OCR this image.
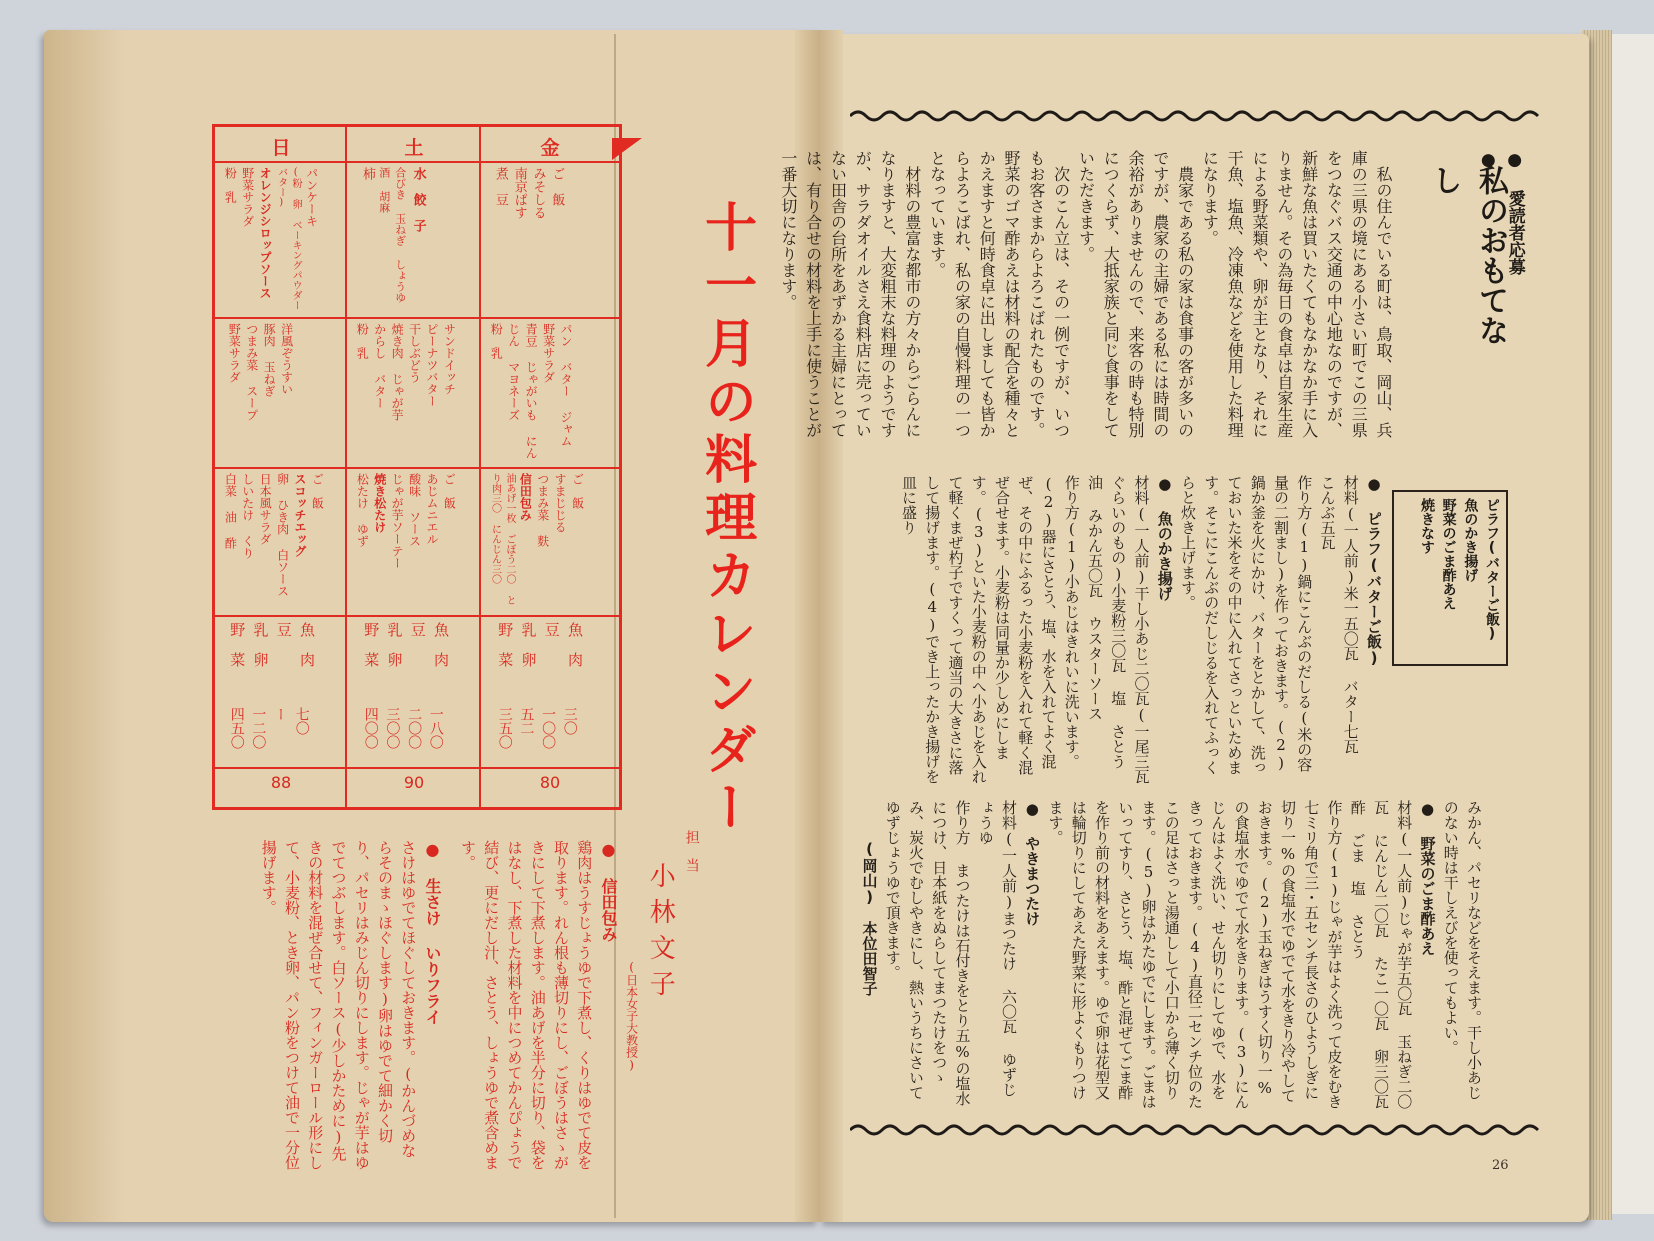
金
土
日
ご　飯
みそしる
南京ぱす
煮　豆
パン バター ジャム
野菜サラダ
青豆 じゃがいも にんじん マヨネーズ
粉　乳
ご　飯
すまじじる
つまみ菜 麩
信田包み
油あげ一枚 ごぼう二〇 とり肉三〇 にんじん三〇
魚　肉
豆
乳　卵
野　菜
三〇
一〇〇
五二
三五〇
80
水　餃　子
合びき 玉ねぎ しょうゆ 酒 胡麻
柿
サンドイッチ
ピーナツバター
干しぶどう
焼き肉 じゃが芋
からし バター
粉　乳
ご　飯
あじムニエル
酸味 ソース
じゃが芋ソーテー
焼き松たけ
松たけ ゆず
魚　肉
豆
乳　卵
野　菜
一八〇
二〇〇
三〇〇
四〇〇
90
パンケーキ
(粉 卵 ベーキングパウダー バター)
オレンジシロップソース
野菜サラダ
粉　乳
洋風ぞうすい
豚肉 玉ねぎ
つまみ菜 スープ
野菜サラダ
ご　飯
スコッチエッグ
卵 ひき肉 白ソース
日本風サラダ
しいたけ くり
白菜 油 酢
魚　肉
豆
乳　卵
野　菜
七〇
ー
一二〇
四五〇
88	十一月の料理カレンダー
担　当
小林文子
(日本女子大教授)
● 信田包み
鶏肉はうすじょうゆで下煮し、くりはゆでて皮を取ります。れん根も薄切りにし、ごぼうはさゝがきにして下煮します。油あげを半分に切り、袋をはなし、下煮した材料を中につめてかんぴょうで結び、更にだし汁、さとう、しょうゆで煮含めます。
● 生さけ いりフライ
さけはゆでてほぐしておきます。(かんづめならそのまゝほぐします)卵はゆでて細かく切り、パセリはみじん切りにします。じゃが芋はゆでてつぶします。白ソース(少しかために)先きの材料を混ぜ合せて、フィンガーロール形にして、小麦粉、とき卵、パン粉をつけて油で一分位揚げます。
● 愛読者応募 ●
私のおもてなし

私の住んでいる町は、鳥取、岡山、兵庫の三県の境にある小さい町でこの三県をつなぐバス交通の中心地なのですが、新鮮な魚は買いたくてもなかなか手に入りません。その為毎日の食卓は自家生産による野菜類や、卵が主となり、それに干魚、塩魚、冷凍魚などを使用した料理になります。

農家である私の家は食事の客が多いのですが、農家の主婦である私には時間の余裕がありませんので、来客の時も特別につくらず、大抵家族と同じ食事をしていただきます。

次のこん立は、その一例ですが、いつもお客さまからよろこばれたものです。野菜のゴマ酢あえは材料の配合を種々とかえますと何時食卓に出しましても皆からよろこばれ、私の家の自慢料理の一つとなっています。

材料の豊富な都市の方々からごらんになりますと、大変粗末な料理のようですが、サラダオイルさえ食料店に売っていない田舎の台所をあずかる主婦にとっては、有り合せの材料を上手に使うことが一番大切になります。

ピラフ(バターご飯)
魚のかき揚げ
野菜のごま酢あえ
焼きなす
● ピラフ(バターご飯)
材料(一人前)米一五〇瓦 バター七瓦 こんぶ五瓦
作り方(1)鍋にこんぶのだしる(米の容量の二割まし)を作っておきます。(2)鍋か釜を火にかけ、バターをとかして、洗っておいた米をその中に入れてさっといためます。そこにこんぶのだしじるを入れてふっくらと炊き上げます。
● 魚のかき揚げ
材料(一人前)干し小あじ二〇瓦(一尾三瓦ぐらいのもの)小麦粉三〇瓦 塩 さとう 油 みかん五〇瓦 ウスターソース
作り方(1)小あじはきれいに洗います。(2)器にさとう、塩、水を入れてよく混ぜ、その中にふるった小麦粉を入れて軽く混ぜ合せます。小麦粉は同量か少しめにします。(3)といた小麦粉の中へ小あじを入れて軽くまぜ杓子ですくって適当の大きさに落して揚げます。(4)でき上ったかき揚げを皿に盛り
みかん、パセリなどをそえます。干し小あじのない時は干しえびを使ってもよい。
● 野菜のごま酢あえ
材料(一人前)じゃが芋五〇瓦 玉ねぎ二〇瓦 にんじん二〇瓦 たこ一〇瓦 卵三〇瓦 酢 ごま 塩 さとう
作り方(1)じゃが芋はよく洗って皮をむき七ミリ角で三・五センチ長さのひようしぎに切り一%の食塩水でゆでて水をきり冷やしておきます。(2)玉ねぎはうすく切り一%の食塩水でゆでて水をきります。(3)にんじんはよく洗い、せん切りにしてゆで、水をきっておきます。(4)直径二センチ位のたこの足はさっと湯通しして小口から薄く切ります。(5)卵はかたゆでにします。ごまはいってすり、さとう、塩、酢と混ぜてごま酢を作り前の材料をあえます。ゆで卵は花型又は輪切りにしてあえた野菜に形よくもりつけます。
● やきまつたけ
材料(一人前)まつたけ 六〇瓦 ゆずじょうゆ
作り方 まつたけは石付きをとり五%の塩水につけ、日本紙をぬらしてまつたけをつゝみ、炭火でむしやきにし、熱いうちにさいてゆずじょうゆで頂きます。
(岡山)　本位田智子
26
